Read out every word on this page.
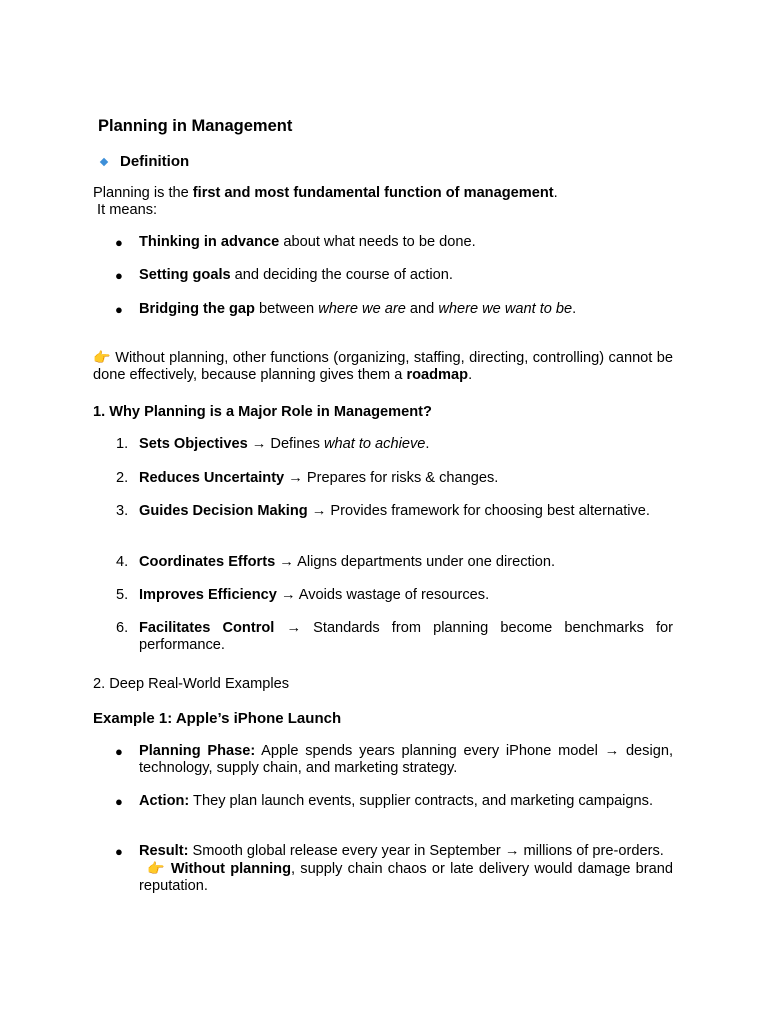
Planning in Management
Definition
Planning is the first and most fundamental function of management.
It means:
● Thinking in advance about what needs to be done.
● Setting goals and deciding the course of action.
● Bridging the gap between where we are and where we want to be.
👉 Without planning, other functions (organizing, staffing, directing, controlling) cannot be done effectively, because planning gives them a roadmap.
1. Why Planning is a Major Role in Management?
1. Sets Objectives → Defines what to achieve.
2. Reduces Uncertainty → Prepares for risks & changes.
3. Guides Decision Making → Provides framework for choosing best alternative.
4. Coordinates Efforts → Aligns departments under one direction.
5. Improves Efficiency → Avoids wastage of resources.
6. Facilitates Control → Standards from planning become benchmarks for performance.
2. Deep Real-World Examples
Example 1: Apple’s iPhone Launch
● Planning Phase: Apple spends years planning every iPhone model → design, technology, supply chain, and marketing strategy.
● Action: They plan launch events, supplier contracts, and marketing campaigns.
● Result: Smooth global release every year in September → millions of pre-orders.
👉 Without planning, supply chain chaos or late delivery would damage brand reputation.
